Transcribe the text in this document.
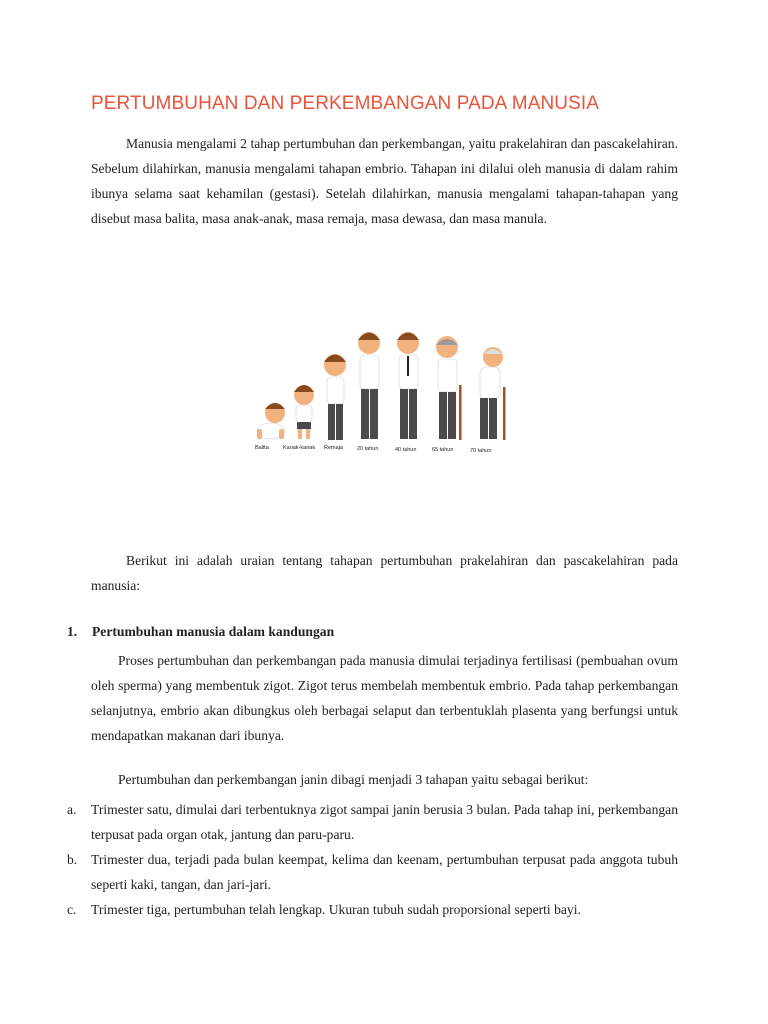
PERTUMBUHAN DAN PERKEMBANGAN PADA MANUSIA

Manusia mengalami 2 tahap pertumbuhan dan perkembangan, yaitu prakelahiran dan pascakelahiran. Sebelum dilahirkan, manusia mengalami tahapan embrio. Tahapan ini dilalui oleh manusia di dalam rahim ibunya selama saat kehamilan (gestasi). Setelah dilahirkan, manusia mengalami tahapan-tahapan yang disebut masa balita, masa anak-anak, masa remaja, masa dewasa, dan masa manula.

Balita	Kanak-kanak Remaja	20 tahun	40 tahun	65 tahun	70 tahun

Berikut ini adalah uraian tentang tahapan pertumbuhan prakelahiran dan pascakelahiran pada manusia:

1. Pertumbuhan manusia dalam kandungan

Proses pertumbuhan dan perkembangan pada manusia dimulai terjadinya fertilisasi (pembuahan ovum oleh sperma) yang membentuk zigot. Zigot terus membelah membentuk embrio. Pada tahap perkembangan selanjutnya, embrio akan dibungkus oleh berbagai selaput dan terbentuklah plasenta yang berfungsi untuk mendapatkan makanan dari ibunya.

Pertumbuhan dan perkembangan janin dibagi menjadi 3 tahapan yaitu sebagai berikut:
a.	Trimester satu, dimulai dari terbentuknya zigot sampai janin berusia 3 bulan. Pada tahap ini, perkembangan terpusat pada organ otak, jantung dan paru-paru.
b.	Trimester dua, terjadi pada bulan keempat, kelima dan keenam, pertumbuhan terpusat pada anggota tubuh seperti kaki, tangan, dan jari-jari.
c.	Trimester tiga, pertumbuhan telah lengkap. Ukuran tubuh sudah proporsional seperti bayi.
